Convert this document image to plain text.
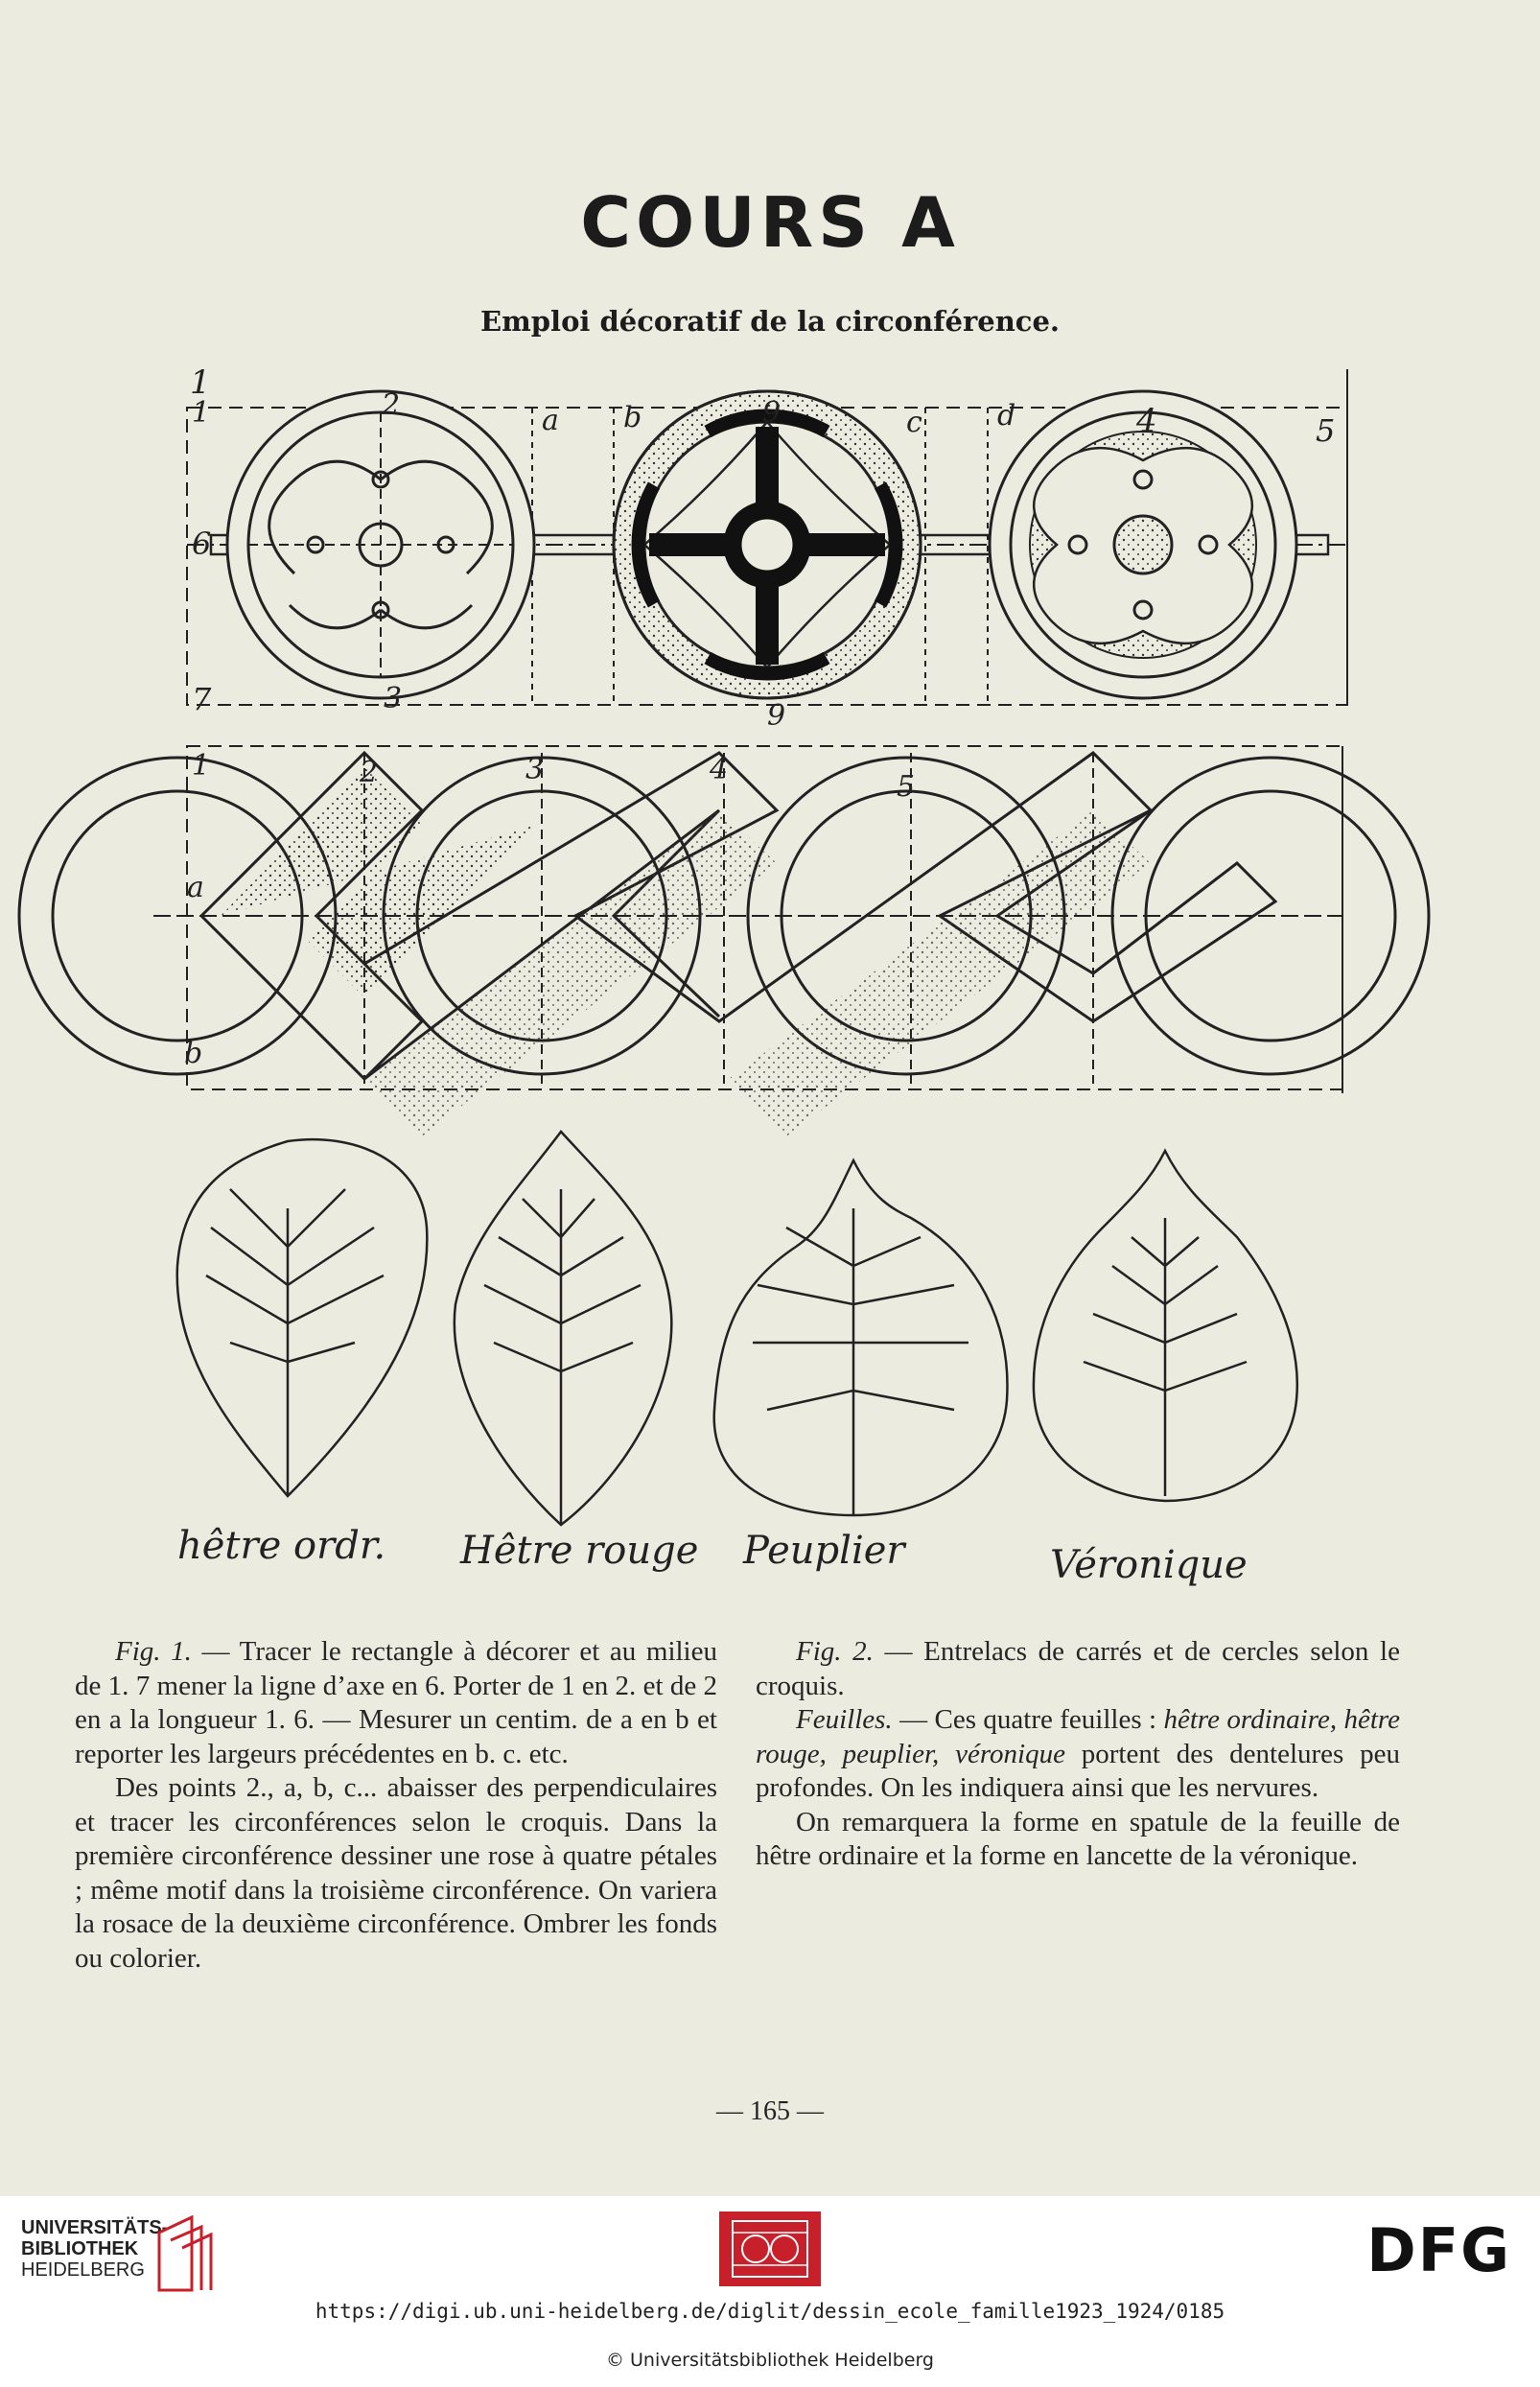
COURS A
Emploi décoratif de la circonférence.
1
1	2	a b	9	c	d	4	5
6
7	3
9
1	2	3	4
5
a
b
hêtre ordr. Hêtre rouge Peuplier	Véronique

Fig. 1. — Tracer le rectangle à décorer et au milieu de 1. 7 mener la ligne d’axe en 6. Porter de 1 en 2. et de 2 en a la longueur 1. 6. — Mesurer un centim. de a en b et reporter les largeurs précédentes en b. c. etc.

Des points 2., a, b, c... abaisser des perpendiculaires et tracer les circonférences selon le croquis. Dans la première circonférence dessiner une rose à quatre pétales ; même motif dans la troisième circonférence. On variera la rosace de la deuxième circonférence. Ombrer les fonds ou colorier.

Fig. 2. — Entrelacs de carrés et de cercles selon le croquis.

Feuilles. — Ces quatre feuilles : hêtre ordinaire, hêtre rouge, peuplier, véronique portent des dentelures peu profondes. On les indiquera ainsi que les nervures.

On remarquera la forme en spatule de la feuille de hêtre ordinaire et la forme en lancette de la véronique.

— 165 —
UNIVERSITÄTS-
BIBLIOTHEK
HEIDELBERG	DFG
https://digi.ub.uni-heidelberg.de/diglit/dessin_ecole_famille1923_1924/0185
© Universitätsbibliothek Heidelberg
